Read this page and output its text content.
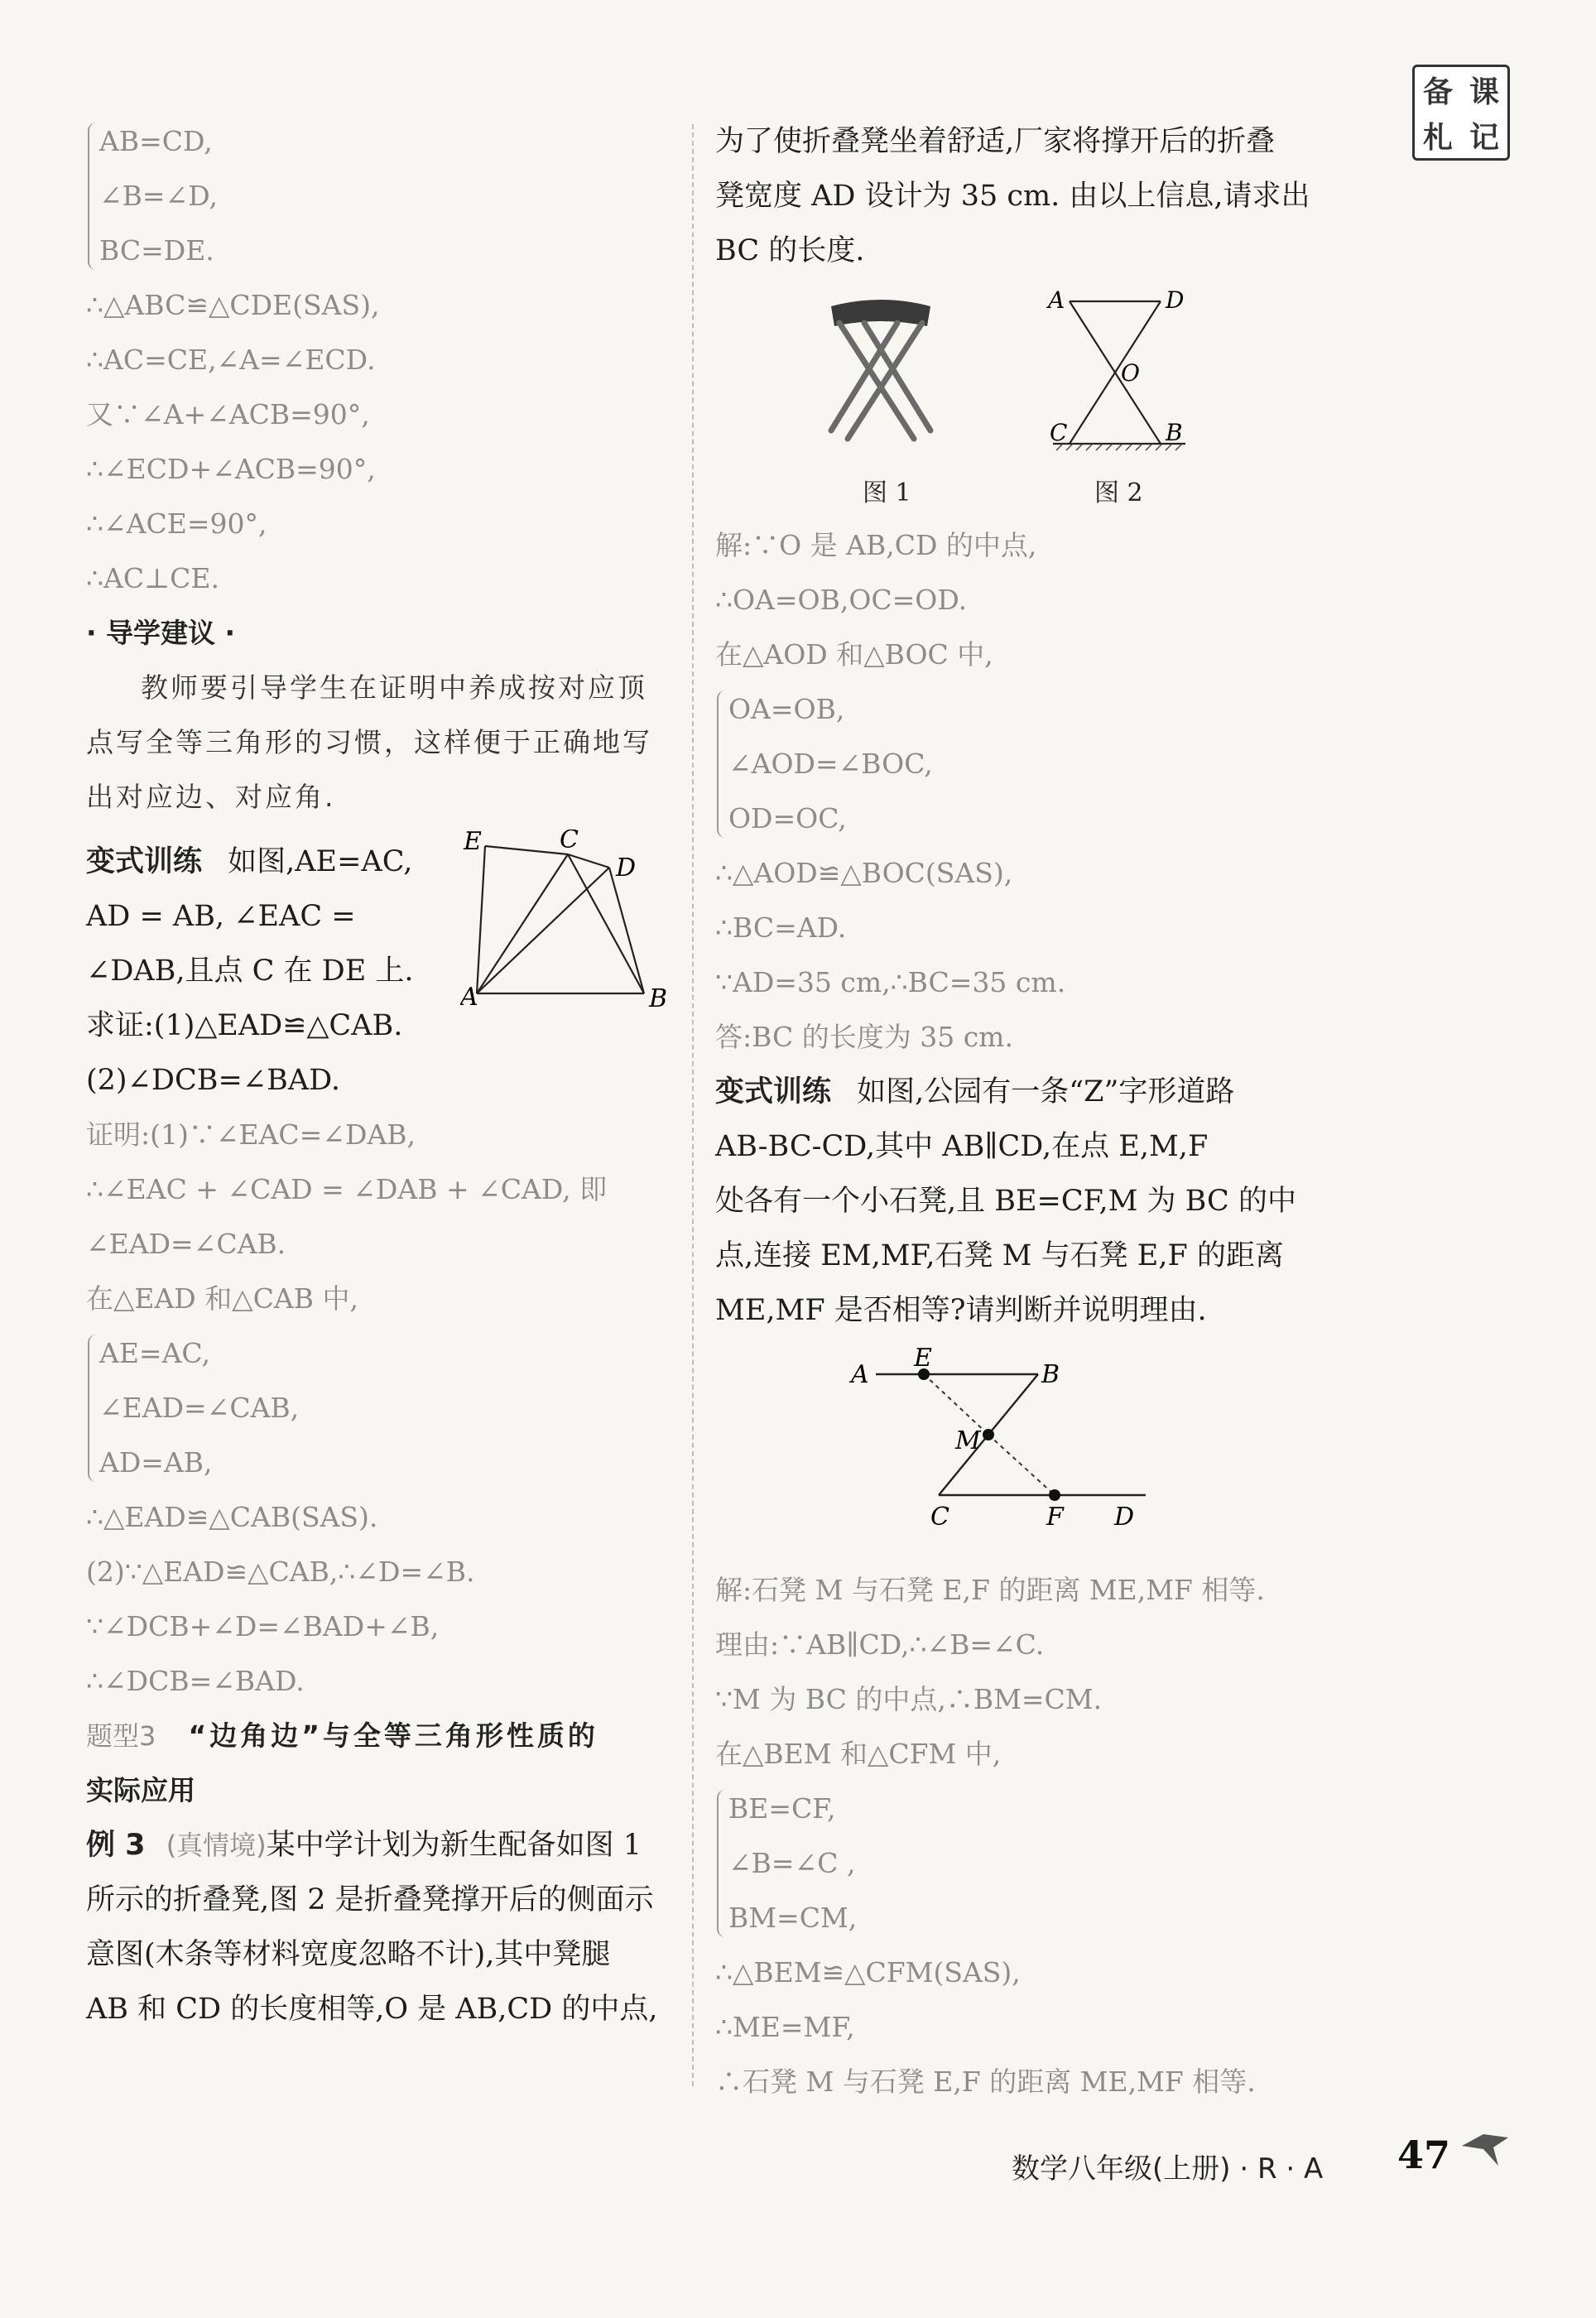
备 课
札 记
AB=CD,
∠B=∠D,
BC=DE.
∴△ABC≌△CDE(SAS),
∴AC=CE,∠A=∠ECD.
又∵∠A+∠ACB=90°,
∴∠ECD+∠ACB=90°,
∴∠ACE=90°,
∴AC⊥CE.
· 导学建议 ·
教师要引导学生在证明中养成按对应顶点写全等三角形的习惯，这样便于正确地写出对应边、对应角.
变式训练 如图,AE=AC,
AD = AB, ∠EAC =
∠DAB,且点 C 在 DE 上.
求证:(1)△EAD≌△CAB.
(2)∠DCB=∠BAD.
E	C
D
A	B
证明:(1)∵∠EAC=∠DAB,
∴∠EAC + ∠CAD = ∠DAB + ∠CAD, 即
∠EAD=∠CAB.
在△EAD 和△CAB 中,
AE=AC,
∠EAD=∠CAB,
AD=AB,
∴△EAD≌△CAB(SAS).
(2)∵△EAD≌△CAB,∴∠D=∠B.
∵∠DCB+∠D=∠BAD+∠B,
∴∠DCB=∠BAD.
题型3 “边角边”与全等三角形性质的
实际应用
例 3 (真情境)某中学计划为新生配备如图 1
所示的折叠凳,图 2 是折叠凳撑开后的侧面示
意图(木条等材料宽度忽略不计),其中凳腿
AB 和 CD 的长度相等,O 是 AB,CD 的中点,
为了使折叠凳坐着舒适,厂家将撑开后的折叠
凳宽度 AD 设计为 35 cm. 由以上信息,请求出
BC 的长度.
图 1
A	D
O
C	B
图 2
解:∵O 是 AB,CD 的中点,
∴OA=OB,OC=OD.
在△AOD 和△BOC 中,
OA=OB,
∠AOD=∠BOC,
OD=OC,
∴△AOD≌△BOC(SAS),
∴BC=AD.
∵AD=35 cm,∴BC=35 cm.
答:BC 的长度为 35 cm.
变式训练 如图,公园有一条“Z”字形道路
AB-BC-CD,其中 AB∥CD,在点 E,M,F
处各有一个小石凳,且 BE=CF,M 为 BC 的中
点,连接 EM,MF,石凳 M 与石凳 E,F 的距离
ME,MF 是否相等?请判断并说明理由.
A
E
B
M
C	F D
解:石凳 M 与石凳 E,F 的距离 ME,MF 相等.
理由:∵AB∥CD,∴∠B=∠C.
∵M 为 BC 的中点,∴BM=CM.
在△BEM 和△CFM 中,
BE=CF,
∠B=∠C ,
BM=CM,
∴△BEM≌△CFM(SAS),
∴ME=MF,
∴石凳 M 与石凳 E,F 的距离 ME,MF 相等.
数学八年级(上册) · R · A 47
